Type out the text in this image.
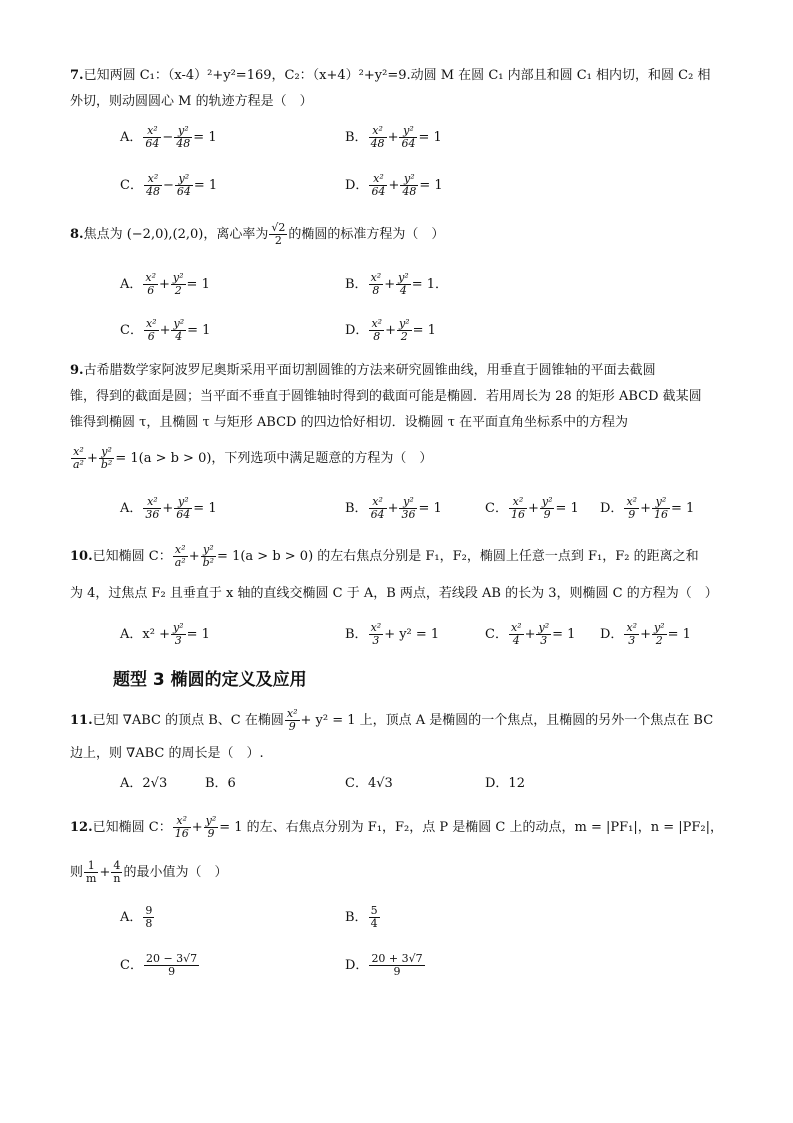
7.已知两圆 C₁：（x-4）²+y²=169，C₂：（x+4）²+y²=9.动圆 M 在圆 C₁ 内部且和圆 C₁ 相内切，和圆 C₂ 相
外切，则动圆圆心 M 的轨迹方程是（　）
A． $\frac{\text{x²}}{64} - \frac{\text{y²}}{48} = 1$	B． $\frac{\text{x²}}{48} + \frac{\text{y²}}{64} = 1$
C． $\frac{\text{x²}}{48} - \frac{\text{y²}}{64} = 1$	D． $\frac{\text{x²}}{64} + \frac{\text{y²}}{48} = 1$
8.焦点为 (−2,0),(2,0)，离心率为 $\frac{√2}{2}$ 的椭圆的标准方程为（　）
A． $\frac{\text{x²}}{6} + \frac{\text{y²}}{2} = 1$	B． $\frac{\text{x²}}{8} + \frac{\text{y²}}{4} = 1$．
C． $\frac{\text{x²}}{6} + \frac{\text{y²}}{4} = 1$	D． $\frac{\text{x²}}{8} + \frac{\text{y²}}{2} = 1$
9.古希腊数学家阿波罗尼奥斯采用平面切割圆锥的方法来研究圆锥曲线，用垂直于圆锥轴的平面去截圆
锥，得到的截面是圆；当平面不垂直于圆锥轴时得到的截面可能是椭圆．若用周长为 28 的矩形 ABCD 截某圆
锥得到椭圆 τ，且椭圆 τ 与矩形 ABCD 的四边恰好相切．设椭圆 τ 在平面直角坐标系中的方程为
$\frac{\text{x²}}{\text{a²}} + \frac{\text{y²}}{\text{b²}} = 1(a > b > 0)$，下列选项中满足题意的方程为（　）
A． $\frac{\text{x²}}{36} + \frac{\text{y²}}{64} = 1$	B． $\frac{\text{x²}}{64} + \frac{\text{y²}}{36} = 1$	C． $\frac{\text{x²}}{16} + \frac{\text{y²}}{9} = 1$ D． $\frac{\text{x²}}{9} + \frac{\text{y²}}{16} = 1$
10.已知椭圆 C： $\frac{\text{x²}}{\text{a²}} + \frac{\text{y²}}{\text{b²}} = 1(a > b > 0)$ 的左右焦点分别是 F₁，F₂，椭圆上任意一点到 F₁，F₂ 的距离之和
为 4，过焦点 F₂ 且垂直于 x 轴的直线交椭圆 C 于 A，B 两点，若线段 AB 的长为 3，则椭圆 C 的方程为（　）
A．$x^2 + \frac{\text{y²}}{3} = 1$	B． $\frac{\text{x²}}{3} + y^2 = 1$	C． $\frac{\text{x²}}{4} + \frac{\text{y²}}{3} = 1$ D． $\frac{\text{x²}}{3} + \frac{\text{y²}}{2} = 1$
题型 3 椭圆的定义及应用
11.已知 ∇ABC 的顶点 B、C 在椭圆 $\frac{\text{x²}}{9} + y^2 = 1$ 上，顶点 A 是椭圆的一个焦点，且椭圆的另外一个焦点在 BC
边上，则 ∇ABC 的周长是（　）.
A．2√3	B．6	C．4√3	D．12
12.已知椭圆 C： $\frac{\text{x²}}{16} + \frac{\text{y²}}{9} = 1$ 的左、右焦点分别为 F₁，F₂，点 P 是椭圆 C 上的动点，m = |PF₁|，n = |PF₂|，
则 $\frac{1}{m} + \frac{4}{n}$ 的最小值为（　）
A． $\frac{9}{8}$	B． $\frac{5}{4}$
C． $\frac{20 - 3√7}{9}$	D． $\frac{20 + 3√7}{9}$
